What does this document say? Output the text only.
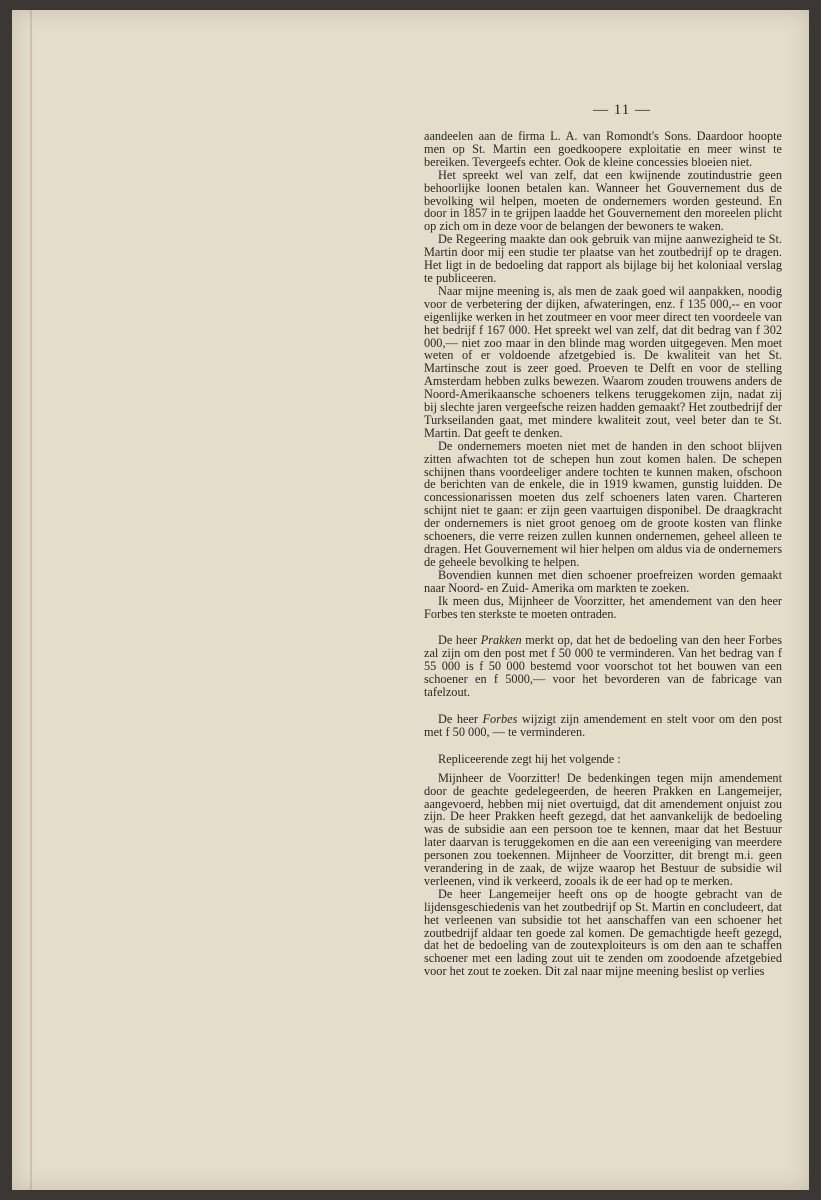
— 11 —

aandeelen aan de firma L. A. van Romondt's Sons. Daardoor hoopte men op St. Martin een goedkoopere exploitatie en meer winst te bereiken. Tevergeefs echter. Ook de kleine concessies bloeien niet.

Het spreekt wel van zelf, dat een kwijnende zoutindustrie geen behoorlijke loonen betalen kan. Wanneer het Gouvernement dus de bevolking wil helpen, moeten de ondernemers worden gesteund. En door in 1857 in te grijpen laadde het Gouvernement den moreelen plicht op zich om in deze voor de belangen der bewoners te waken.

De Regeering maakte dan ook gebruik van mijne aanwezigheid te St. Martin door mij een studie ter plaatse van het zoutbedrijf op te dragen. Het ligt in de bedoeling dat rapport als bijlage bij het koloniaal verslag te publiceeren.

Naar mijne meening is, als men de zaak goed wil aanpakken, noodig voor de verbetering der dijken, afwateringen, enz. f 135 000,-- en voor eigenlijke werken in het zoutmeer en voor meer direct ten voordeele van het bedrijf f 167 000. Het spreekt wel van zelf, dat dit bedrag van f 302 000,— niet zoo maar in den blinde mag worden uitgegeven. Men moet weten of er voldoende afzetgebied is. De kwaliteit van het St. Martinsche zout is zeer goed. Proeven te Delft en voor de stelling Amsterdam hebben zulks bewezen. Waarom zouden trouwens anders de Noord-Amerikaansche schoeners telkens teruggekomen zijn, nadat zij bij slechte jaren vergeefsche reizen hadden gemaakt? Het zoutbedrijf der Turkseilanden gaat, met mindere kwaliteit zout, veel beter dan te St. Martin. Dat geeft te denken.

De ondernemers moeten niet met de handen in den schoot blijven zitten afwachten tot de schepen hun zout komen halen. De schepen schijnen thans voordeeliger andere tochten te kunnen maken, ofschoon de berichten van de enkele, die in 1919 kwamen, gunstig luidden. De concessionarissen moeten dus zelf schoeners laten varen. Charteren schijnt niet te gaan: er zijn geen vaartuigen disponibel. De draagkracht der ondernemers is niet groot genoeg om de groote kosten van flinke schoeners, die verre reizen zullen kunnen ondernemen, geheel alleen te dragen. Het Gouvernement wil hier helpen om aldus via de ondernemers de geheele bevolking te helpen.

Bovendien kunnen met dien schoener proefreizen worden gemaakt naar Noord- en Zuid- Amerika om markten te zoeken.

Ik meen dus, Mijnheer de Voorzitter, het amendement van den heer Forbes ten sterkste te moeten ontraden.

De heer Prakken merkt op, dat het de bedoeling van den heer Forbes zal zijn om den post met f 50 000 te verminderen. Van het bedrag van f 55 000 is f 50 000 bestemd voor voorschot tot het bouwen van een schoener en f 5000,— voor het bevorderen van de fabricage van tafelzout.

De heer Forbes wijzigt zijn amendement en stelt voor om den post met f 50 000, — te verminderen.

Repliceerende zegt hij het volgende :

Mijnheer de Voorzitter! De bedenkingen tegen mijn amendement door de geachte gedelegeerden, de heeren Prakken en Langemeijer, aangevoerd, hebben mij niet overtuigd, dat dit amendement onjuist zou zijn. De heer Prakken heeft gezegd, dat het aanvankelijk de bedoeling was de subsidie aan een persoon toe te kennen, maar dat het Bestuur later daarvan is teruggekomen en die aan een vereeniging van meerdere personen zou toekennen. Mijnheer de Voorzitter, dit brengt m.i. geen verandering in de zaak, de wijze waarop het Bestuur de subsidie wil verleenen, vind ik verkeerd, zooals ik de eer had op te merken.

De heer Langemeijer heeft ons op de hoogte gebracht van de lijdensgeschiedenis van het zoutbedrijf op St. Martin en concludeert, dat het verleenen van subsidie tot het aanschaffen van een schoener het zoutbedrijf aldaar ten goede zal komen. De gemachtigde heeft gezegd, dat het de bedoeling van de zoutexploiteurs is om den aan te schaffen schoener met een lading zout uit te zenden om zoodoende afzetgebied voor het zout te zoeken. Dit zal naar mijne meening beslist op verlies
